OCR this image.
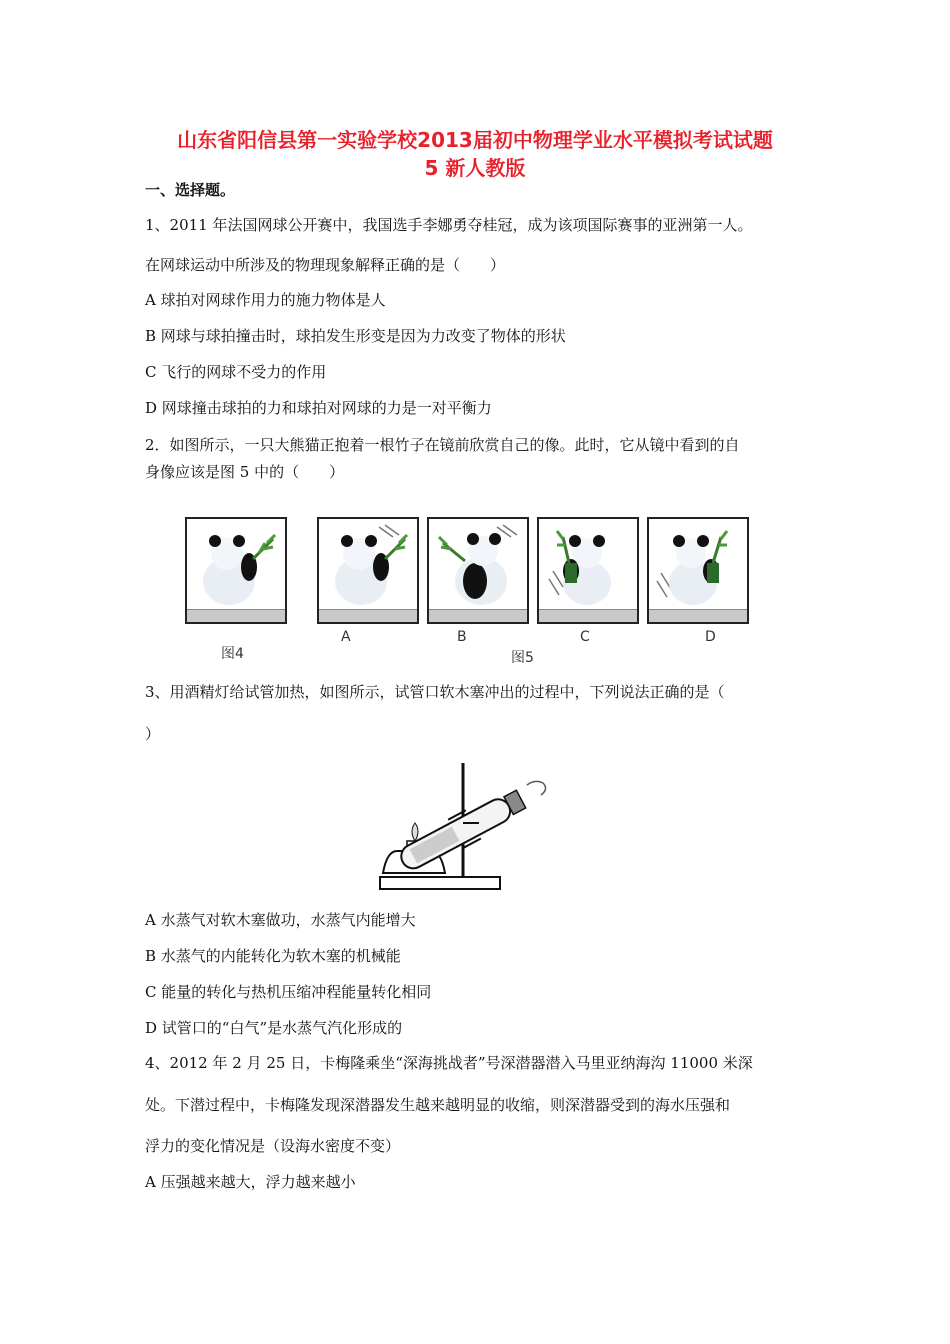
山东省阳信县第一实验学校2013届初中物理学业水平模拟考试试题
5 新人教版
一、选择题。
1、2011 年法国网球公开赛中，我国选手李娜勇夺桂冠，成为该项国际赛事的亚洲第一人。
在网球运动中所涉及的物理现象解释正确的是（　　）
A 球拍对网球作用力的施力物体是人
B 网球与球拍撞击时，球拍发生形变是因为力改变了物体的形状
C 飞行的网球不受力的作用
D 网球撞击球拍的力和球拍对网球的力是一对平衡力
2．如图所示，一只大熊猫正抱着一根竹子在镜前欣赏自己的像。此时，它从镜中看到的自
身像应该是图 5 中的（　　）
A	B	C	D
图4	图5
3、用酒精灯给试管加热，如图所示，试管口软木塞冲出的过程中，下列说法正确的是（
）
A 水蒸气对软木塞做功，水蒸气内能增大
B 水蒸气的内能转化为软木塞的机械能
C 能量的转化与热机压缩冲程能量转化相同
D 试管口的“白气”是水蒸气汽化形成的
4、2012 年 2 月 25 日，卡梅隆乘坐“深海挑战者”号深潜器潜入马里亚纳海沟 11000 米深
处。下潜过程中，卡梅隆发现深潜器发生越来越明显的收缩，则深潜器受到的海水压强和
浮力的变化情况是（设海水密度不变）
A 压强越来越大，浮力越来越小
